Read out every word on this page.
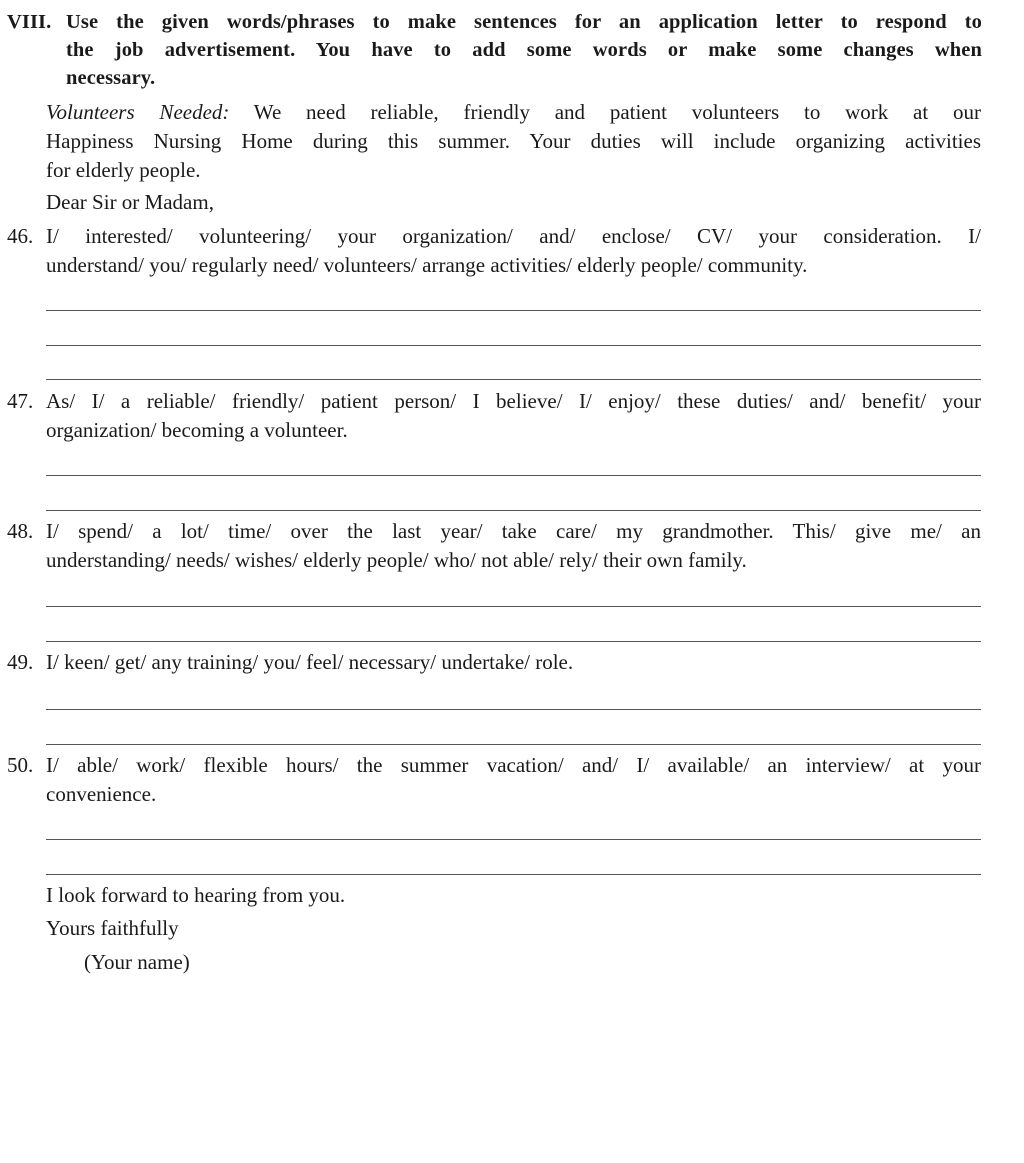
VIII. Use the given words/phrases to make sentences for an application letter to respond to
the job advertisement. You have to add some words or make some changes when
necessary.
Volunteers Needed: We need reliable, friendly and patient volunteers to work at our
Happiness Nursing Home during this summer. Your duties will include organizing activities
for elderly people.
Dear Sir or Madam,
46. I/ interested/ volunteering/ your organization/ and/ enclose/ CV/ your consideration. I/
understand/ you/ regularly need/ volunteers/ arrange activities/ elderly people/ community.
47. As/ I/ a reliable/ friendly/ patient person/ I believe/ I/ enjoy/ these duties/ and/ benefit/ your
organization/ becoming a volunteer.
48. I/ spend/ a lot/ time/ over the last year/ take care/ my grandmother. This/ give me/ an
understanding/ needs/ wishes/ elderly people/ who/ not able/ rely/ their own family.
49. I/ keen/ get/ any training/ you/ feel/ necessary/ undertake/ role.
50. I/ able/ work/ flexible hours/ the summer vacation/ and/ I/ available/ an interview/ at your
convenience.
I look forward to hearing from you.
Yours faithfully
(Your name)
